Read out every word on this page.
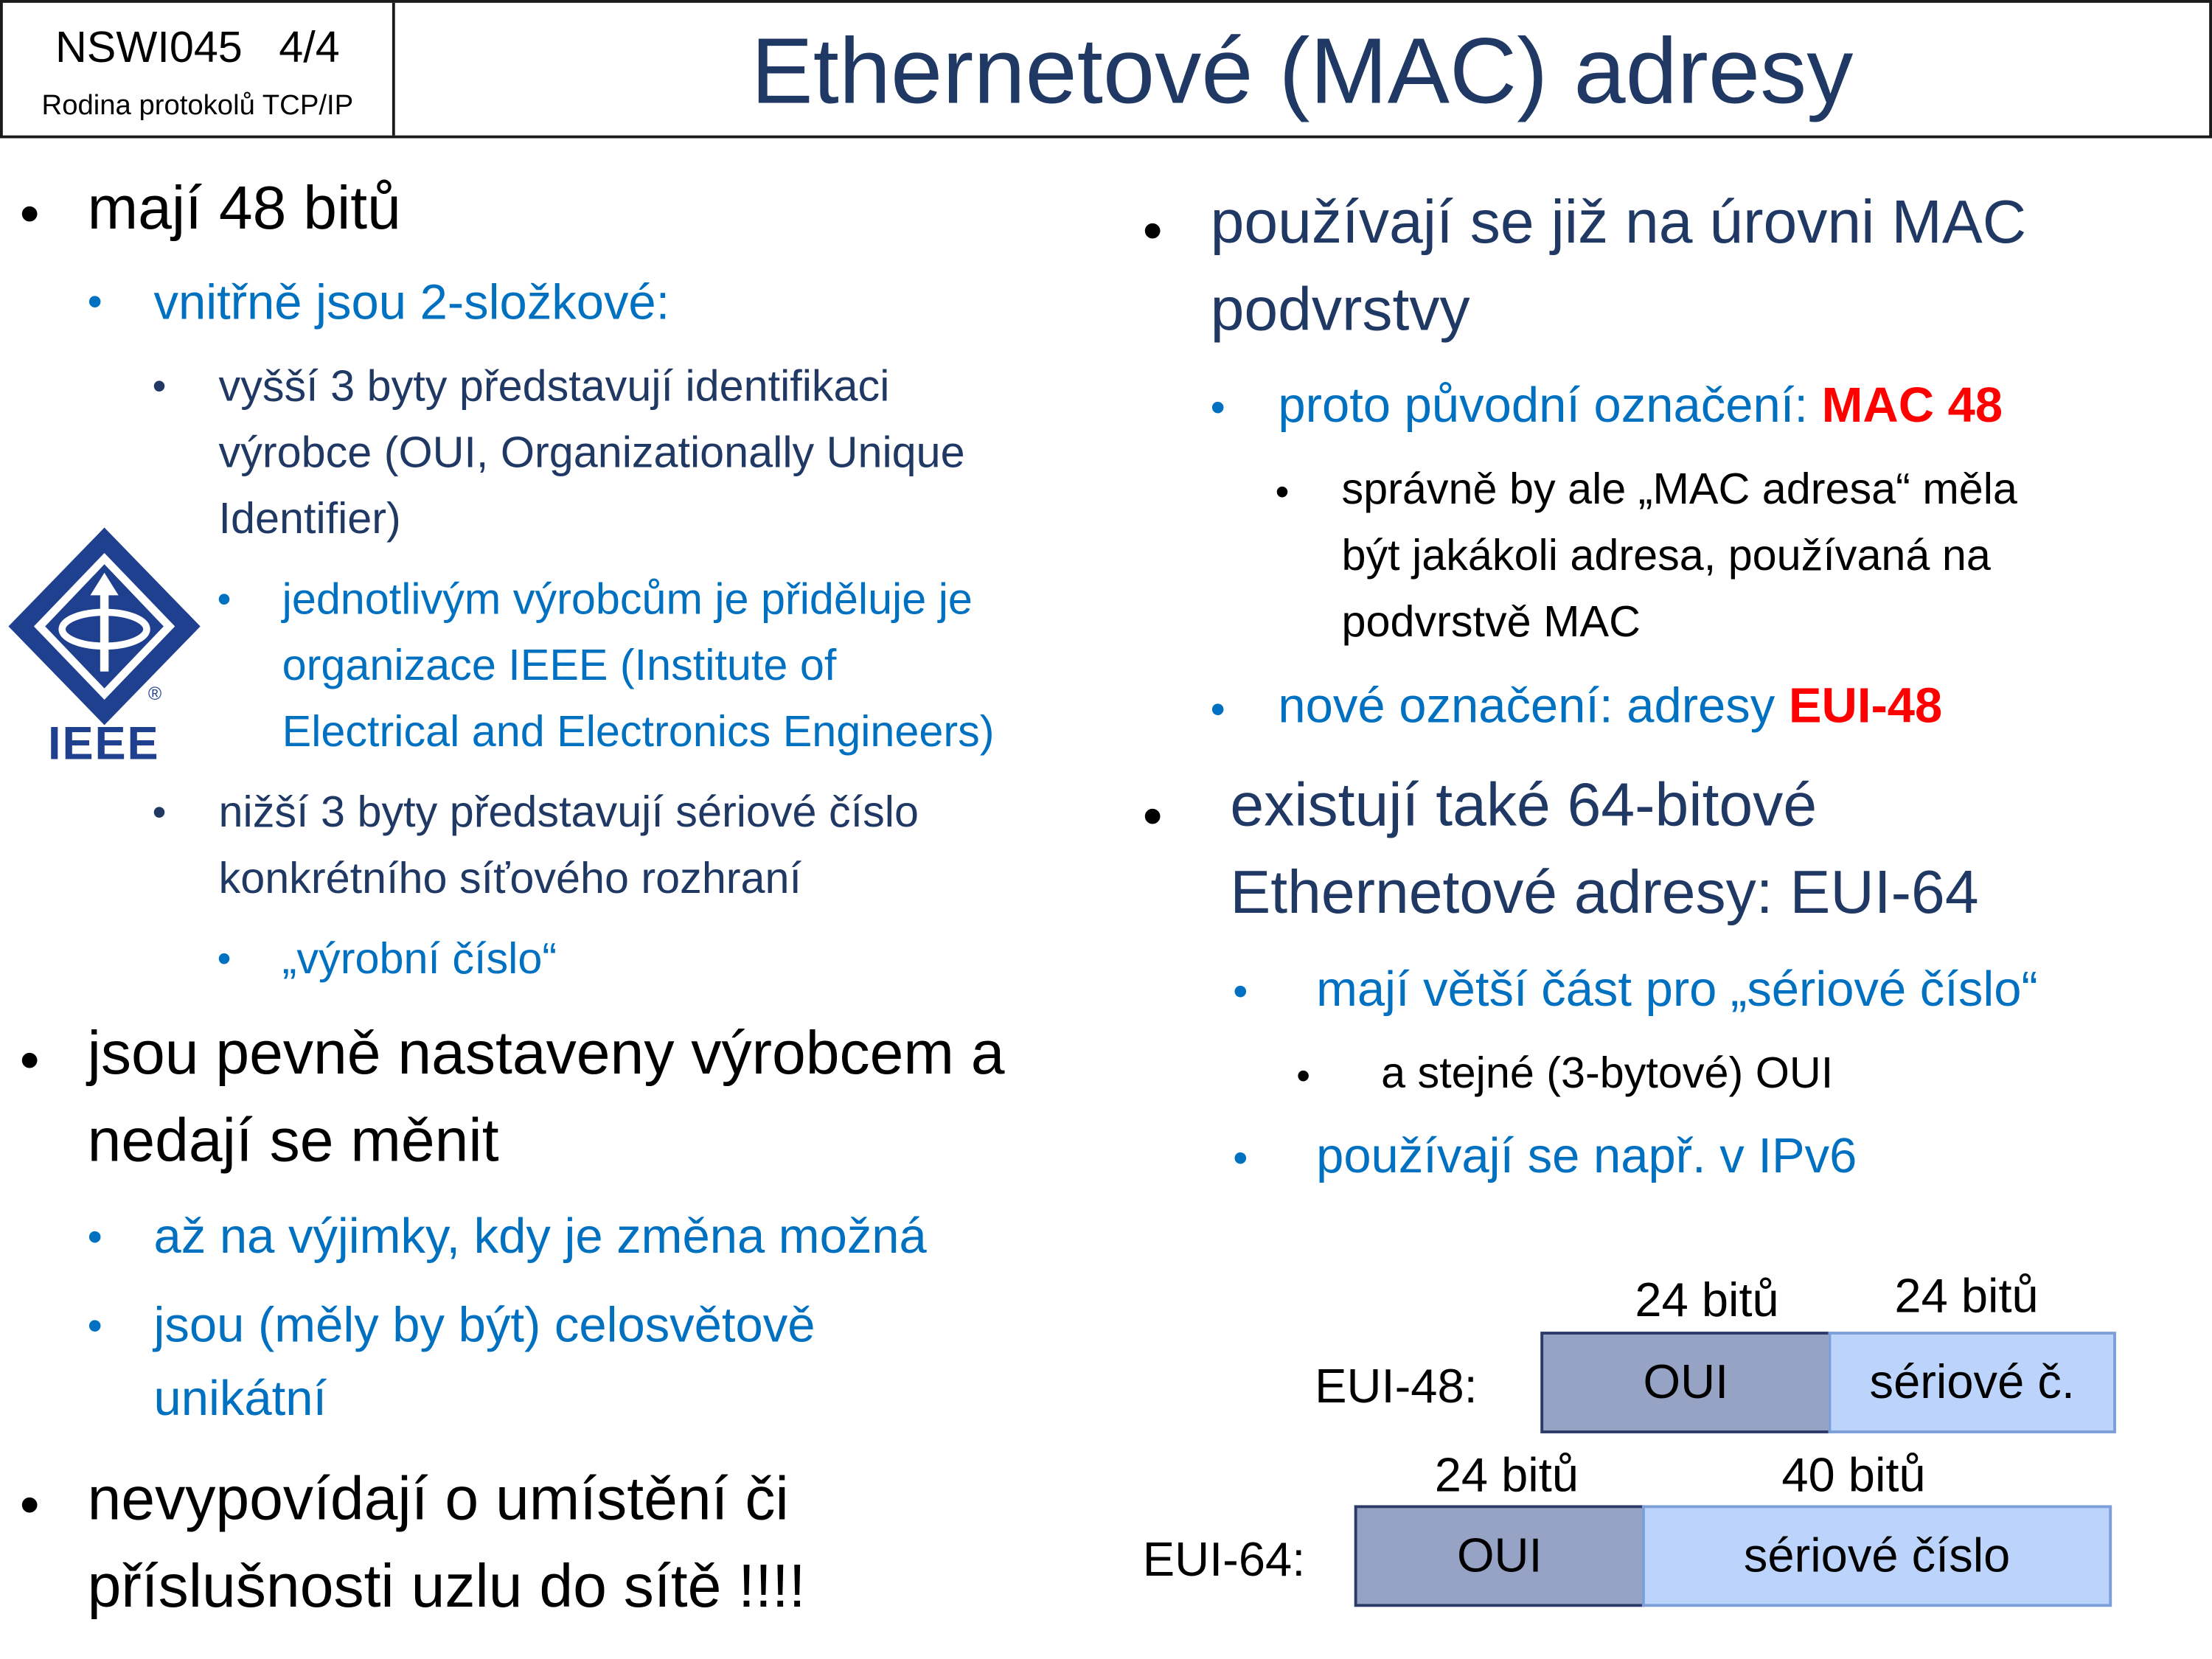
NSWI045 4/4
Rodina protokolů TCP/IP	Ethernetové (MAC) adresy
®
IEEE
• mají 48 bitů
• vnitřně jsou 2-složkové:
• vyšší 3 byty představují identifikaci
výrobce (OUI, Organizationally Unique
Identifier)
• jednotlivým výrobcům je přiděluje je
organizace IEEE (Institute of
Electrical and Electronics Engineers)
• nižší 3 byty představují sériové číslo
konkrétního síťového rozhraní
• „výrobní číslo“
• jsou pevně nastaveny výrobcem a
nedají se měnit
• až na výjimky, kdy je změna možná
• jsou (měly by být) celosvětově
unikátní
• nevypovídají o umístění či
příslušnosti uzlu do sítě !!!!
• používají se již na úrovni MAC
podvrstvy
• proto původní označení: MAC 48
• správně by ale „MAC adresa“ měla
být jakákoli adresa, používaná na
podvrstvě MAC
• nové označení: adresy EUI-48
• existují také 64-bitové
Ethernetové adresy: EUI-64
•	mají větší část pro „sériové číslo“
•	a stejné (3-bytové) OUI
•	používají se např. v IPv6
24 bitů	24 bitů
EUI-48:	OUI	sériové č.
24 bitů	40 bitů
EUI-64:	OUI	sériové číslo
